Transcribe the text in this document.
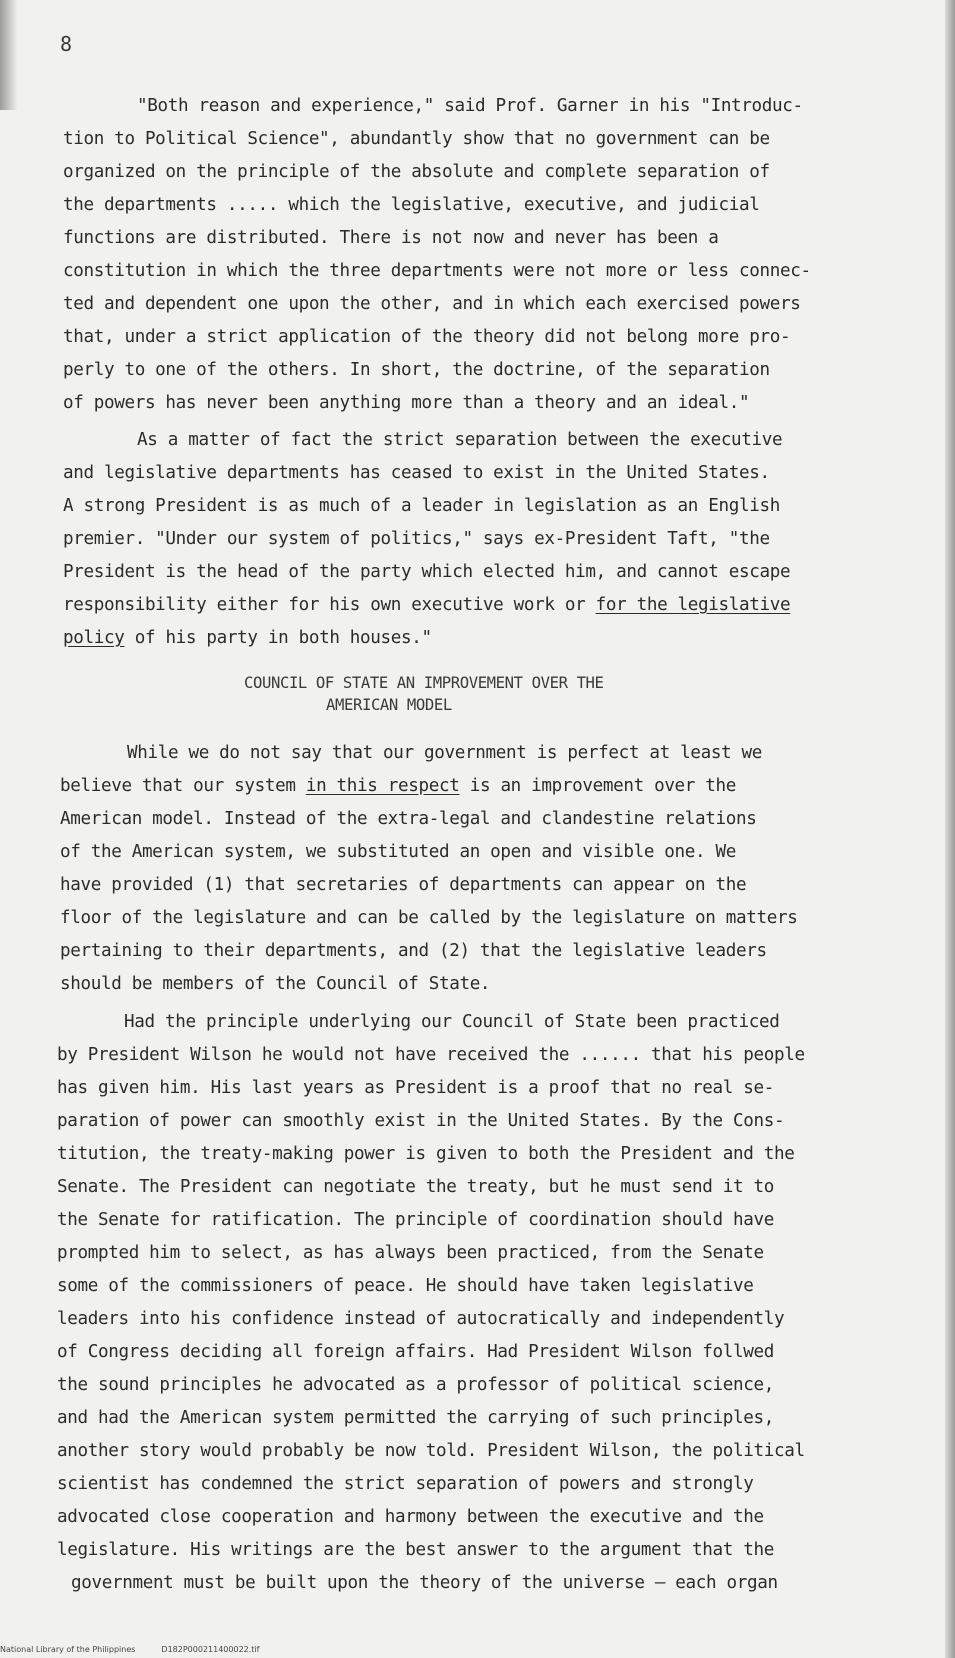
8
"Both reason and experience," said Prof. Garner in his "Introduc-
tion to Political Science", abundantly show that no government can be
organized on the principle of the absolute and complete separation of
the departments ..... which the legislative, executive, and judicial
functions are distributed. There is not now and never has been a
constitution in which the three departments were not more or less connec-
ted and dependent one upon the other, and in which each exercised powers
that, under a strict application of the theory did not belong more pro-
perly to one of the others. In short, the doctrine, of the separation
of powers has never been anything more than a theory and an ideal."
As a matter of fact the strict separation between the executive
and legislative departments has ceased to exist in the United States.
A strong President is as much of a leader in legislation as an English
premier. "Under our system of politics," says ex-President Taft, "the
President is the head of the party which elected him, and cannot escape
responsibility either for his own executive work or for the legislative
policy of his party in both houses."
COUNCIL OF STATE AN IMPROVEMENT OVER THE
AMERICAN MODEL
While we do not say that our government is perfect at least we
believe that our system in this respect is an improvement over the
American model. Instead of the extra-legal and clandestine relations
of the American system, we substituted an open and visible one. We
have provided (1) that secretaries of departments can appear on the
floor of the legislature and can be called by the legislature on matters
pertaining to their departments, and (2) that the legislative leaders
should be members of the Council of State.
Had the principle underlying our Council of State been practiced
by President Wilson he would not have received the ...... that his people
has given him. His last years as President is a proof that no real se-
paration of power can smoothly exist in the United States. By the Cons-
titution, the treaty-making power is given to both the President and the
Senate. The President can negotiate the treaty, but he must send it to
the Senate for ratification. The principle of coordination should have
prompted him to select, as has always been practiced, from the Senate
some of the commissioners of peace. He should have taken legislative
leaders into his confidence instead of autocratically and independently
of Congress deciding all foreign affairs. Had President Wilson follwed
the sound principles he advocated as a professor of political science,
and had the American system permitted the carrying of such principles,
another story would probably be now told. President Wilson, the political
scientist has condemned the strict separation of powers and strongly
advocated close cooperation and harmony between the executive and the
legislature. His writings are the best answer to the argument that the
government must be built upon the theory of the universe — each organ
National Library of the Philippines	D182P000211400022.tif
